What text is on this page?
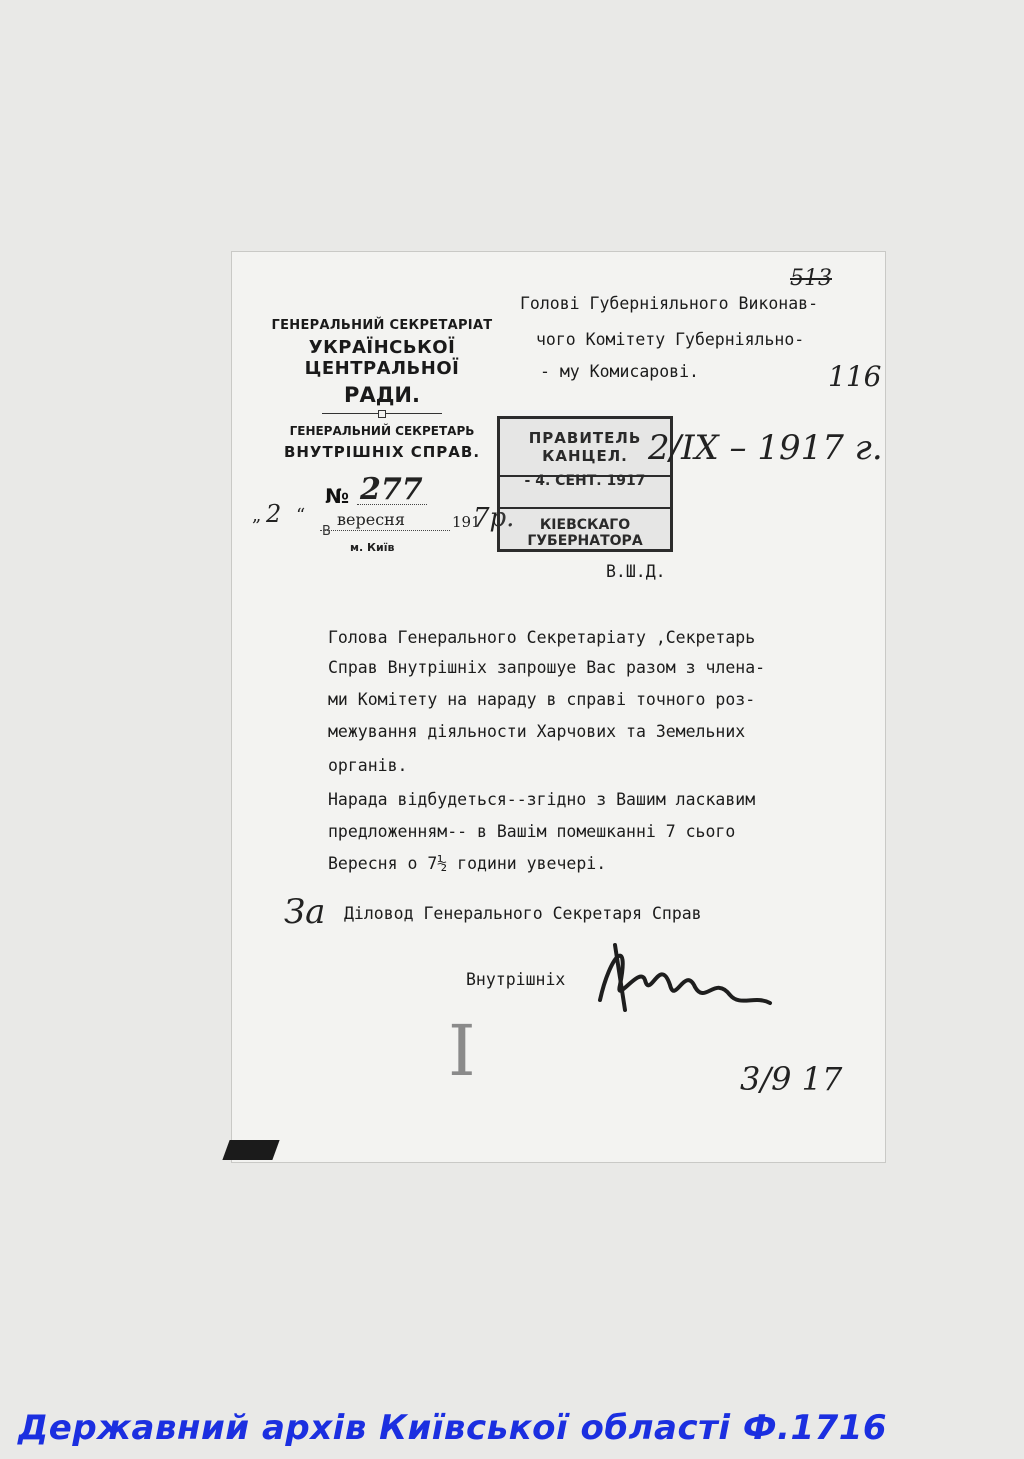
ГЕНЕРАЛЬНИЙ СЕКРЕТАРІАТ
УКРАЇНСЬКОЇ ЦЕНТРАЛЬНОЇ
РАДИ.
ГЕНЕРАЛЬНИЙ СЕКРЕТАРЬ
ВНУТРІШНІХ СПРАВ.
№ 277
„ 2 “ вересня
В
191
7р.
м. Київ
Голові Губерніяльного Виконав-
чого Комітету Губерніяльно-
- му Комисарові.
513
116
ПРАВИТЕЛЬ КАНЦЕЛ.
- 4. СЕНТ. 1917
КІЕВСКАГО ГУБЕРНАТОРА
2/IX – 1917 г.
В.Ш.Д.
Голова Генерального Секретаріату ,Секретарь
Справ Внутрішніх запрошуе Вас разом з члена-
ми Комітету на нараду в справі точного роз-
межування діяльности Харчових та Земельних
органів.
Нарада відбудеться--згідно з Вашим ласкавим
предложенням-- в Вашім помешканні 7 сього
Вересня о 7½ години увечері.
За Діловод Генерального Секретаря Справ
Внутрішніх
I	3/9 17
Державний архів Київської області Ф.1716
